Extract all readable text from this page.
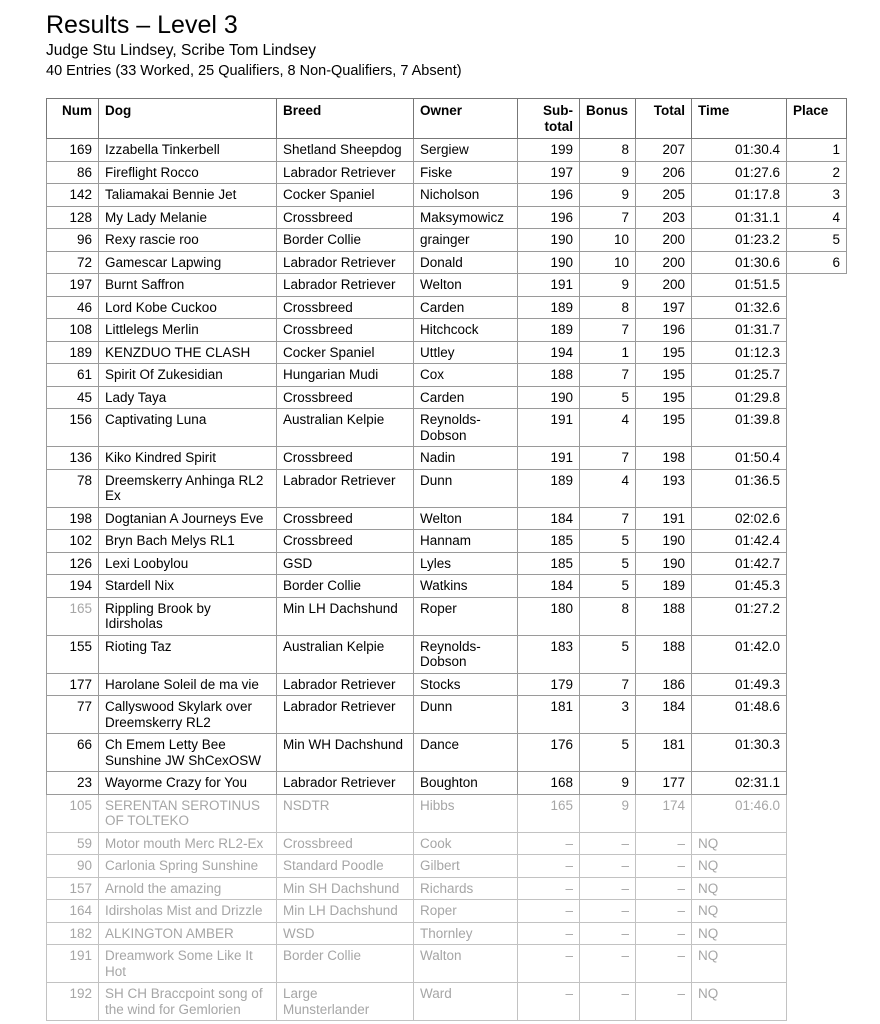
Results – Level 3
Judge Stu Lindsey, Scribe Tom Lindsey
40 Entries (33 Worked, 25 Qualifiers, 8 Non-Qualifiers, 7 Absent)
Num	Dog	Breed	Owner	Sub-total	Bonus	Total	Time	Place
169	Izzabella Tinkerbell	Shetland Sheepdog	Sergiew	199	8	207	01:30.4	1
86	Fireflight Rocco	Labrador Retriever	Fiske	197	9	206	01:27.6	2
142	Taliamakai Bennie Jet	Cocker Spaniel	Nicholson	196	9	205	01:17.8	3
128	My Lady Melanie	Crossbreed	Maksymowicz	196	7	203	01:31.1	4
96	Rexy rascie roo	Border Collie	grainger	190	10	200	01:23.2	5
72	Gamescar Lapwing	Labrador Retriever	Donald	190	10	200	01:30.6	6
197	Burnt Saffron	Labrador Retriever	Welton	191	9	200	01:51.5	
46	Lord Kobe Cuckoo	Crossbreed	Carden	189	8	197	01:32.6	
108	Littlelegs Merlin	Crossbreed	Hitchcock	189	7	196	01:31.7	
189	KENZDUO THE CLASH	Cocker Spaniel	Uttley	194	1	195	01:12.3	
61	Spirit Of Zukesidian	Hungarian Mudi	Cox	188	7	195	01:25.7	
45	Lady Taya	Crossbreed	Carden	190	5	195	01:29.8	
156	Captivating Luna	Australian Kelpie	Reynolds-Dobson	191	4	195	01:39.8	
136	Kiko Kindred Spirit	Crossbreed	Nadin	191	7	198	01:50.4	
78	Dreemskerry Anhinga RL2 Ex	Labrador Retriever	Dunn	189	4	193	01:36.5	
198	Dogtanian A Journeys Eve	Crossbreed	Welton	184	7	191	02:02.6	
102	Bryn Bach Melys RL1	Crossbreed	Hannam	185	5	190	01:42.4	
126	Lexi Loobylou	GSD	Lyles	185	5	190	01:42.7	
194	Stardell Nix	Border Collie	Watkins	184	5	189	01:45.3	
165	Rippling Brook by Idirsholas	Min LH Dachshund	Roper	180	8	188	01:27.2	
155	Rioting Taz	Australian Kelpie	Reynolds-Dobson	183	5	188	01:42.0	
177	Harolane Soleil de ma vie	Labrador Retriever	Stocks	179	7	186	01:49.3	
77	Callyswood Skylark over Dreemskerry RL2	Labrador Retriever	Dunn	181	3	184	01:48.6	
66	Ch Emem Letty Bee Sunshine JW ShCexOSW	Min WH Dachshund	Dance	176	5	181	01:30.3	
23	Wayorme Crazy for You	Labrador Retriever	Boughton	168	9	177	02:31.1	
105	SERENTAN SEROTINUS OF TOLTEKO	NSDTR	Hibbs	165	9	174	01:46.0	
59	Motor mouth Merc RL2-Ex	Crossbreed	Cook	–	–	–	NQ	
90	Carlonia Spring Sunshine	Standard Poodle	Gilbert	–	–	–	NQ	
157	Arnold the amazing	Min SH Dachshund	Richards	–	–	–	NQ	
164	Idirsholas Mist and Drizzle	Min LH Dachshund	Roper	–	–	–	NQ	
182	ALKINGTON AMBER	WSD	Thornley	–	–	–	NQ	
191	Dreamwork Some Like It Hot	Border Collie	Walton	–	–	–	NQ	
192	SH CH Braccpoint song of the wind for Gemlorien	Large Munsterlander	Ward	–	–	–	NQ	
